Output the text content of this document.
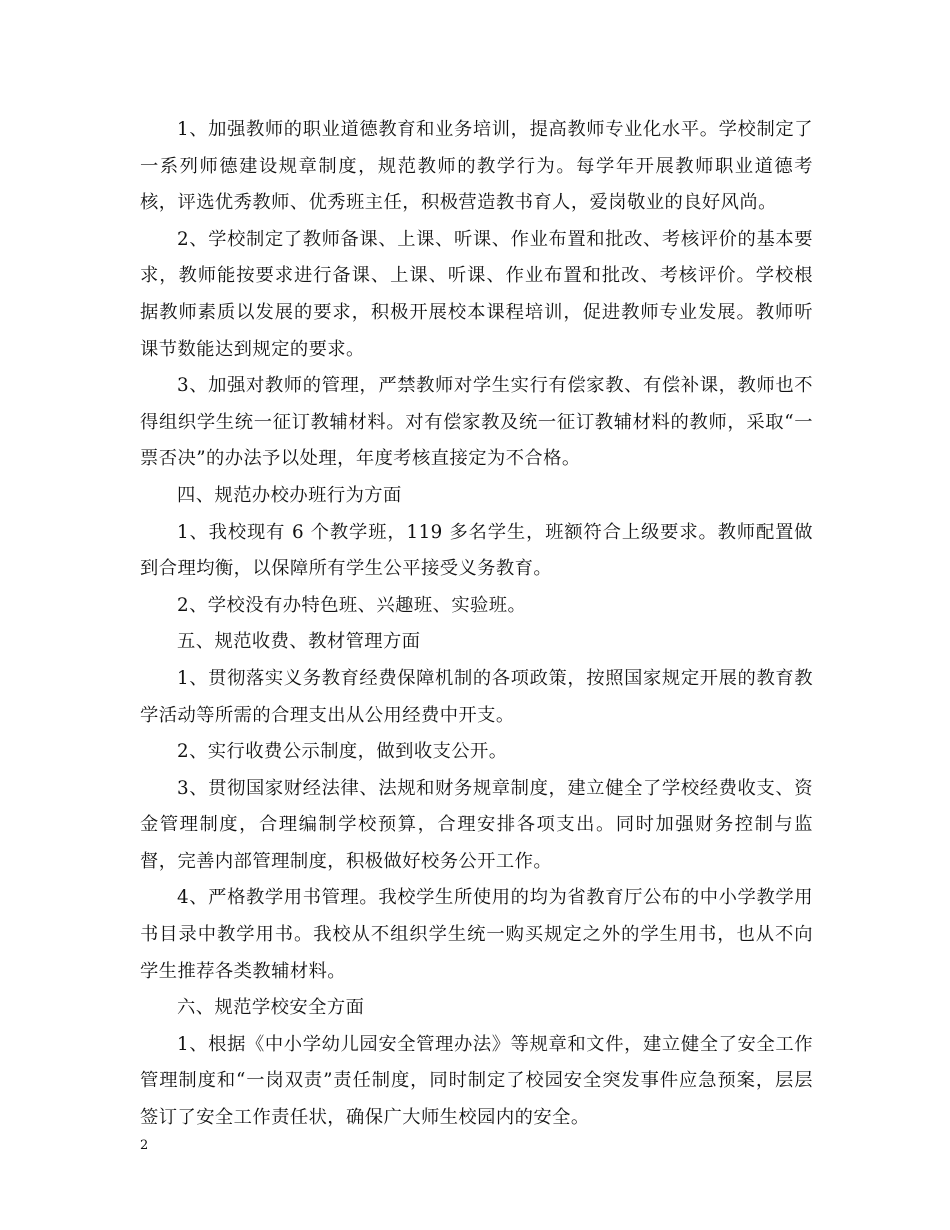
1、加强教师的职业道德教育和业务培训，提高教师专业化水平。学校制定了一系列师德建设规章制度，规范教师的教学行为。每学年开展教师职业道德考核，评选优秀教师、优秀班主任，积极营造教书育人，爱岗敬业的良好风尚。

2、学校制定了教师备课、上课、听课、作业布置和批改、考核评价的基本要求，教师能按要求进行备课、上课、听课、作业布置和批改、考核评价。学校根据教师素质以发展的要求，积极开展校本课程培训，促进教师专业发展。教师听课节数能达到规定的要求。

3、加强对教师的管理，严禁教师对学生实行有偿家教、有偿补课，教师也不得组织学生统一征订教辅材料。对有偿家教及统一征订教辅材料的教师，采取“一票否决”的办法予以处理，年度考核直接定为不合格。

四、规范办校办班行为方面

1、我校现有 6 个教学班，119 多名学生，班额符合上级要求。教师配置做到合理均衡，以保障所有学生公平接受义务教育。

2、学校没有办特色班、兴趣班、实验班。

五、规范收费、教材管理方面

1、贯彻落实义务教育经费保障机制的各项政策，按照国家规定开展的教育教学活动等所需的合理支出从公用经费中开支。

2、实行收费公示制度，做到收支公开。

3、贯彻国家财经法律、法规和财务规章制度，建立健全了学校经费收支、资金管理制度，合理编制学校预算，合理安排各项支出。同时加强财务控制与监督，完善内部管理制度，积极做好校务公开工作。

4、严格教学用书管理。我校学生所使用的均为省教育厅公布的中小学教学用书目录中教学用书。我校从不组织学生统一购买规定之外的学生用书，也从不向学生推荐各类教辅材料。

六、规范学校安全方面

1、根据《中小学幼儿园安全管理办法》等规章和文件，建立健全了安全工作管理制度和“一岗双责”责任制度，同时制定了校园安全突发事件应急预案，层层签订了安全工作责任状，确保广大师生校园内的安全。

2
